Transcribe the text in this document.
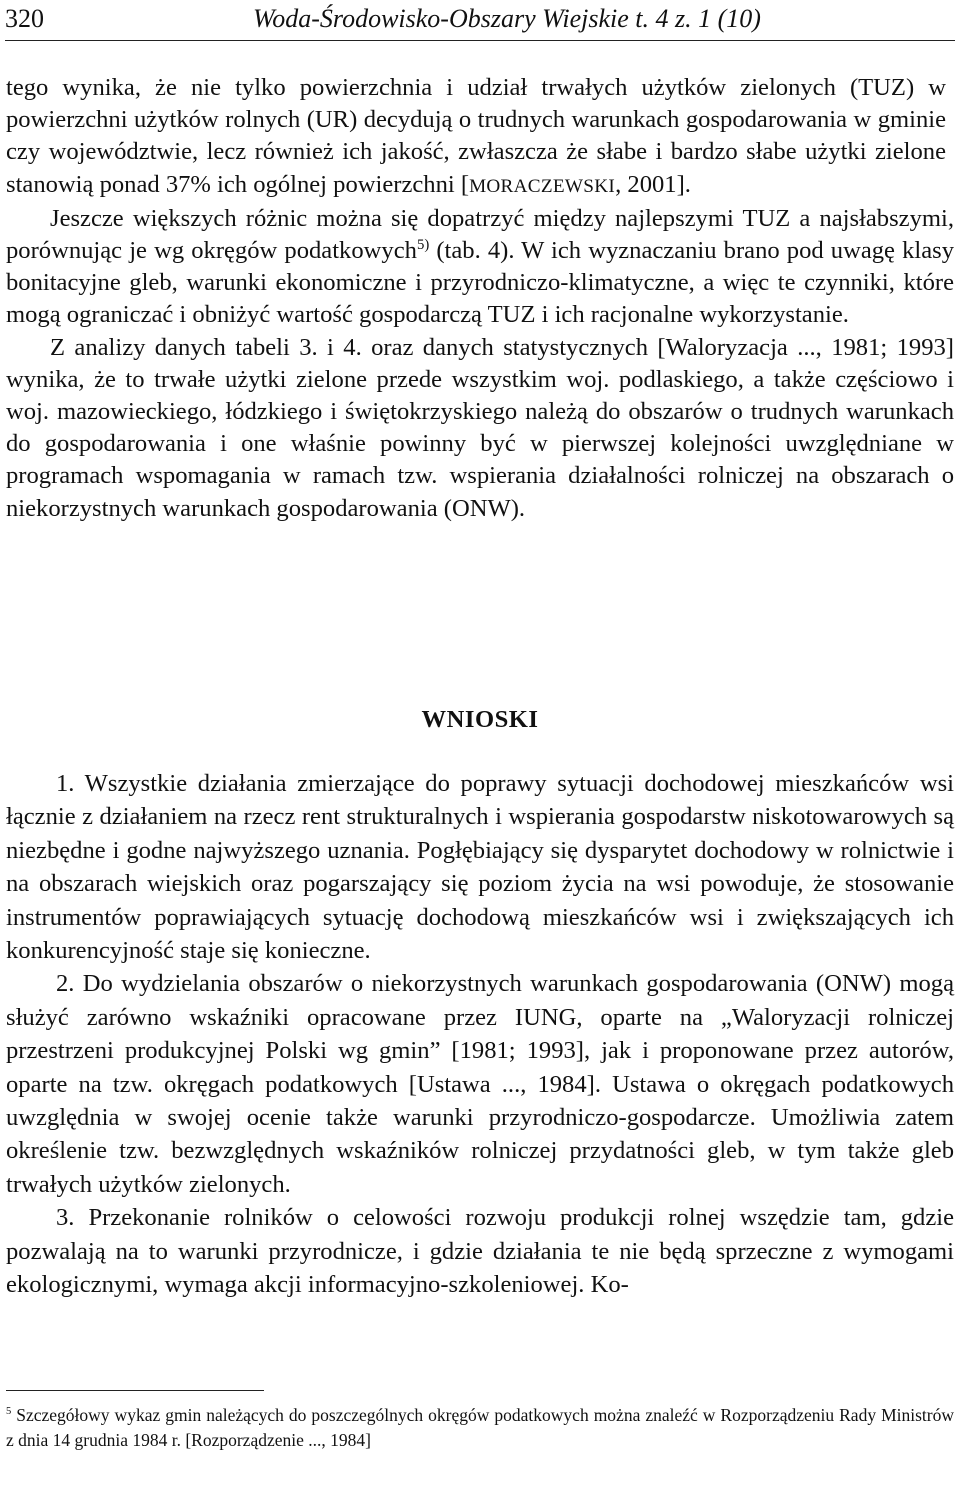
320	Woda-Środowisko-Obszary Wiejskie t. 4 z. 1 (10)

tego wynika, że nie tylko powierzchnia i udział trwałych użytków zielonych (TUZ) w powierzchni użytków rolnych (UR) decydują o trudnych warunkach gospodarowania w gminie czy województwie, lecz również ich jakość, zwłaszcza że słabe i bardzo słabe użytki zielone stanowią ponad 37% ich ogólnej powierzchni [MORACZEWSKI, 2001].

Jeszcze większych różnic można się dopatrzyć między najlepszymi TUZ a najsłabszymi, porównując je wg okręgów podatkowych$^{5)}$ (tab. 4). W ich wyznaczaniu brano pod uwagę klasy bonitacyjne gleb, warunki ekonomiczne i przyrodniczo-klimatyczne, a więc te czynniki, które mogą ograniczać i obniżyć wartość gospodarczą TUZ i ich racjonalne wykorzystanie.

Z analizy danych tabeli 3. i 4. oraz danych statystycznych [Waloryzacja ..., 1981; 1993] wynika, że to trwałe użytki zielone przede wszystkim woj. podlaskiego, a także częściowo i woj. mazowieckiego, łódzkiego i świętokrzyskiego należą do obszarów o trudnych warunkach do gospodarowania i one właśnie powinny być w pierwszej kolejności uwzględniane w programach wspomagania w ramach tzw. wspierania działalności rolniczej na obszarach o niekorzystnych warunkach gospodarowania (ONW).

WNIOSKI

1. Wszystkie działania zmierzające do poprawy sytuacji dochodowej mieszkańców wsi łącznie z działaniem na rzecz rent strukturalnych i wspierania gospodarstw niskotowarowych są niezbędne i godne najwyższego uznania. Pogłębiający się dysparytet dochodowy w rolnictwie i na obszarach wiejskich oraz pogarszający się poziom życia na wsi powoduje, że stosowanie instrumentów poprawiających sytuację dochodową mieszkańców wsi i zwiększających ich konkurencyjność staje się konieczne.

2. Do wydzielania obszarów o niekorzystnych warunkach gospodarowania (ONW) mogą służyć zarówno wskaźniki opracowane przez IUNG, oparte na „Waloryzacji rolniczej przestrzeni produkcyjnej Polski wg gmin” [1981; 1993], jak i proponowane przez autorów, oparte na tzw. okręgach podatkowych [Ustawa ..., 1984]. Ustawa o okręgach podatkowych uwzględnia w swojej ocenie także warunki przyrodniczo-gospodarcze. Umożliwia zatem określenie tzw. bezwzględnych wskaźników rolniczej przydatności gleb, w tym także gleb trwałych użytków zielonych.

3. Przekonanie rolników o celowości rozwoju produkcji rolnej wszędzie tam, gdzie pozwalają na to warunki przyrodnicze, i gdzie działania te nie będą sprzeczne z wymogami ekologicznymi, wymaga akcji informacyjno-szkoleniowej. Ko-

$^5$ Szczegółowy wykaz gmin należących do poszczególnych okręgów podatkowych można znaleźć w Rozporządzeniu Rady Ministrów z dnia 14 grudnia 1984 r. [Rozporządzenie ..., 1984]
